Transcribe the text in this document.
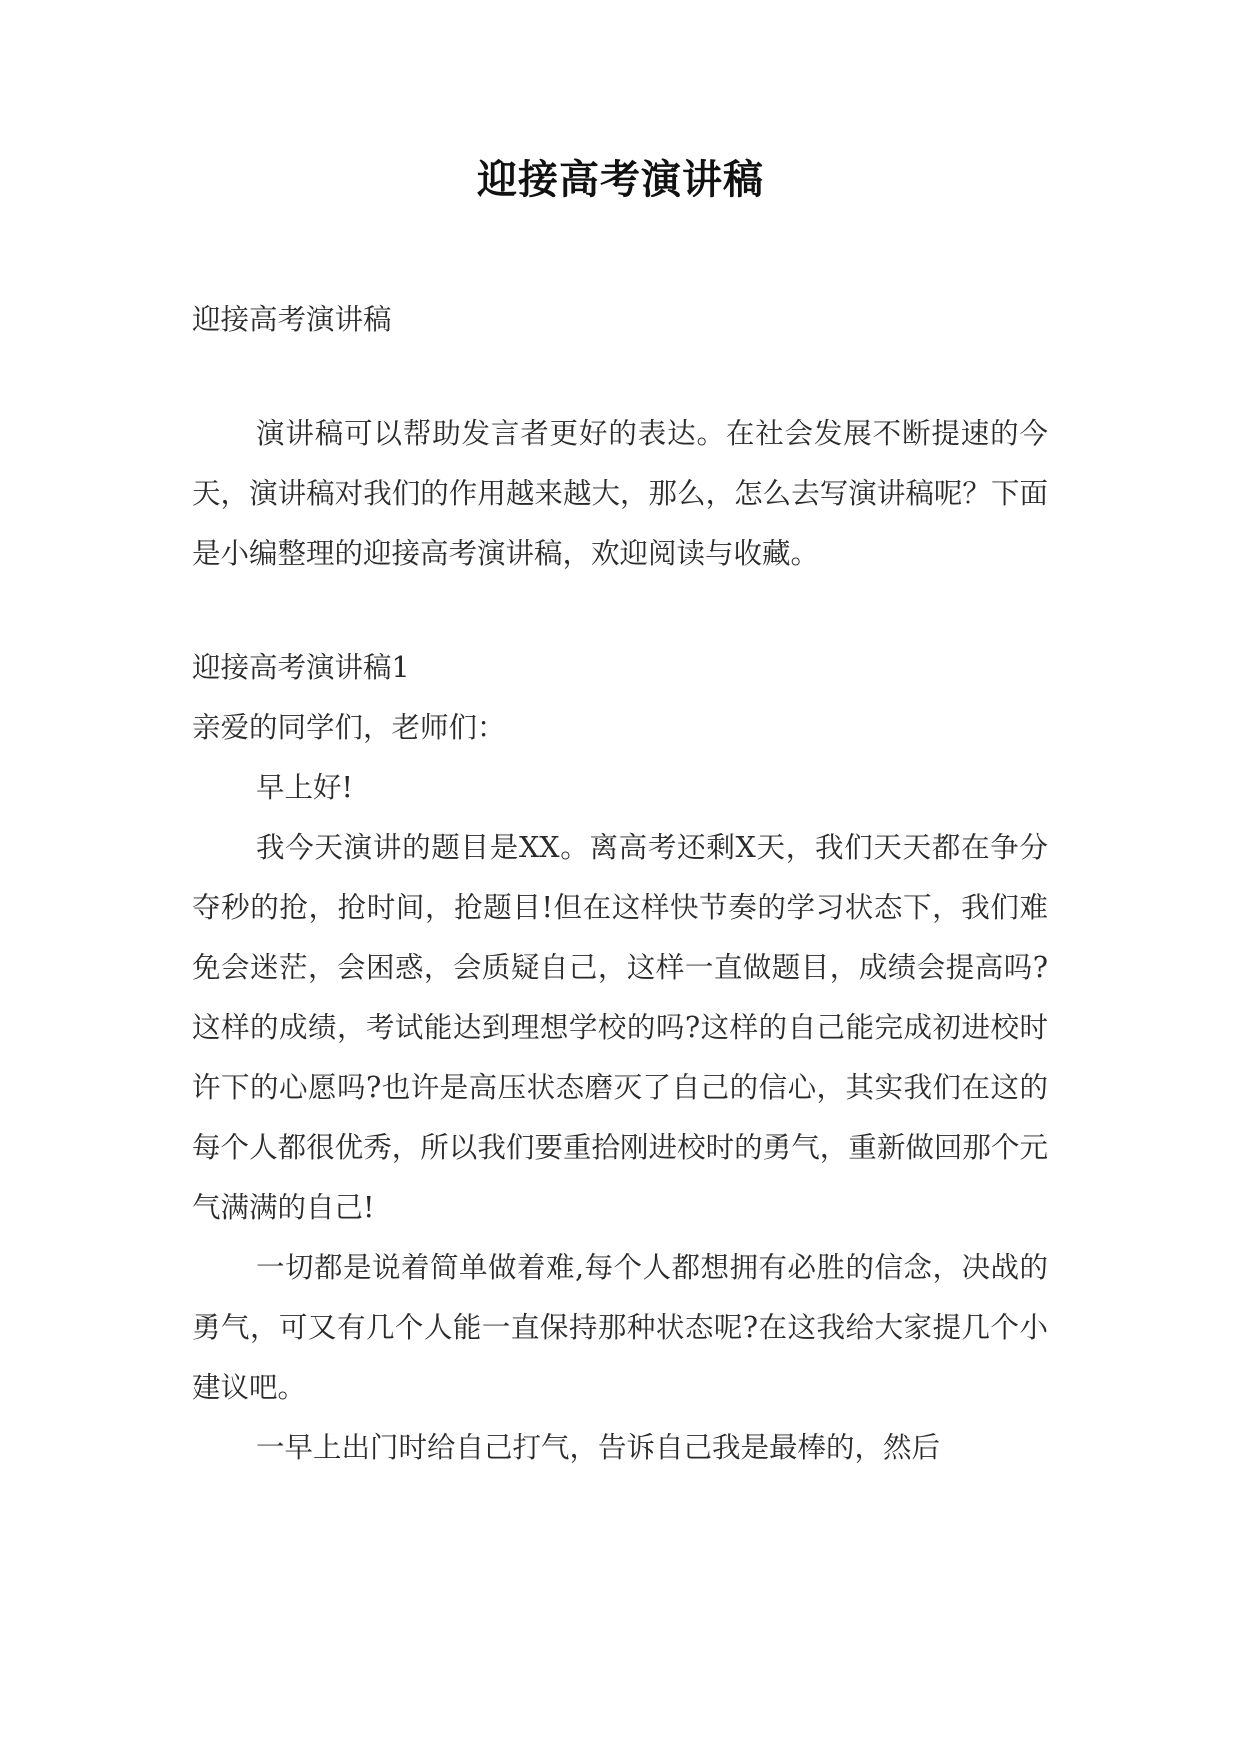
迎接高考演讲稿

迎接高考演讲稿

演讲稿可以帮助发言者更好的表达。在社会发展不断提速的今天，演讲稿对我们的作用越来越大，那么，怎么去写演讲稿呢？下面是小编整理的迎接高考演讲稿，欢迎阅读与收藏。

迎接高考演讲稿1

亲爱的同学们，老师们：

早上好!

我今天演讲的题目是XX。离高考还剩X天，我们天天都在争分夺秒的抢，抢时间，抢题目!但在这样快节奏的学习状态下，我们难免会迷茫，会困惑，会质疑自己，这样一直做题目，成绩会提高吗?这样的成绩，考试能达到理想学校的吗?这样的自己能完成初进校时许下的心愿吗?也许是高压状态磨灭了自己的信心，其实我们在这的每个人都很优秀，所以我们要重拾刚进校时的勇气，重新做回那个元气满满的自己!

一切都是说着简单做着难,每个人都想拥有必胜的信念，决战的勇气，可又有几个人能一直保持那种状态呢?在这我给大家提几个小建议吧。

一早上出门时给自己打气，告诉自己我是最棒的，然后
